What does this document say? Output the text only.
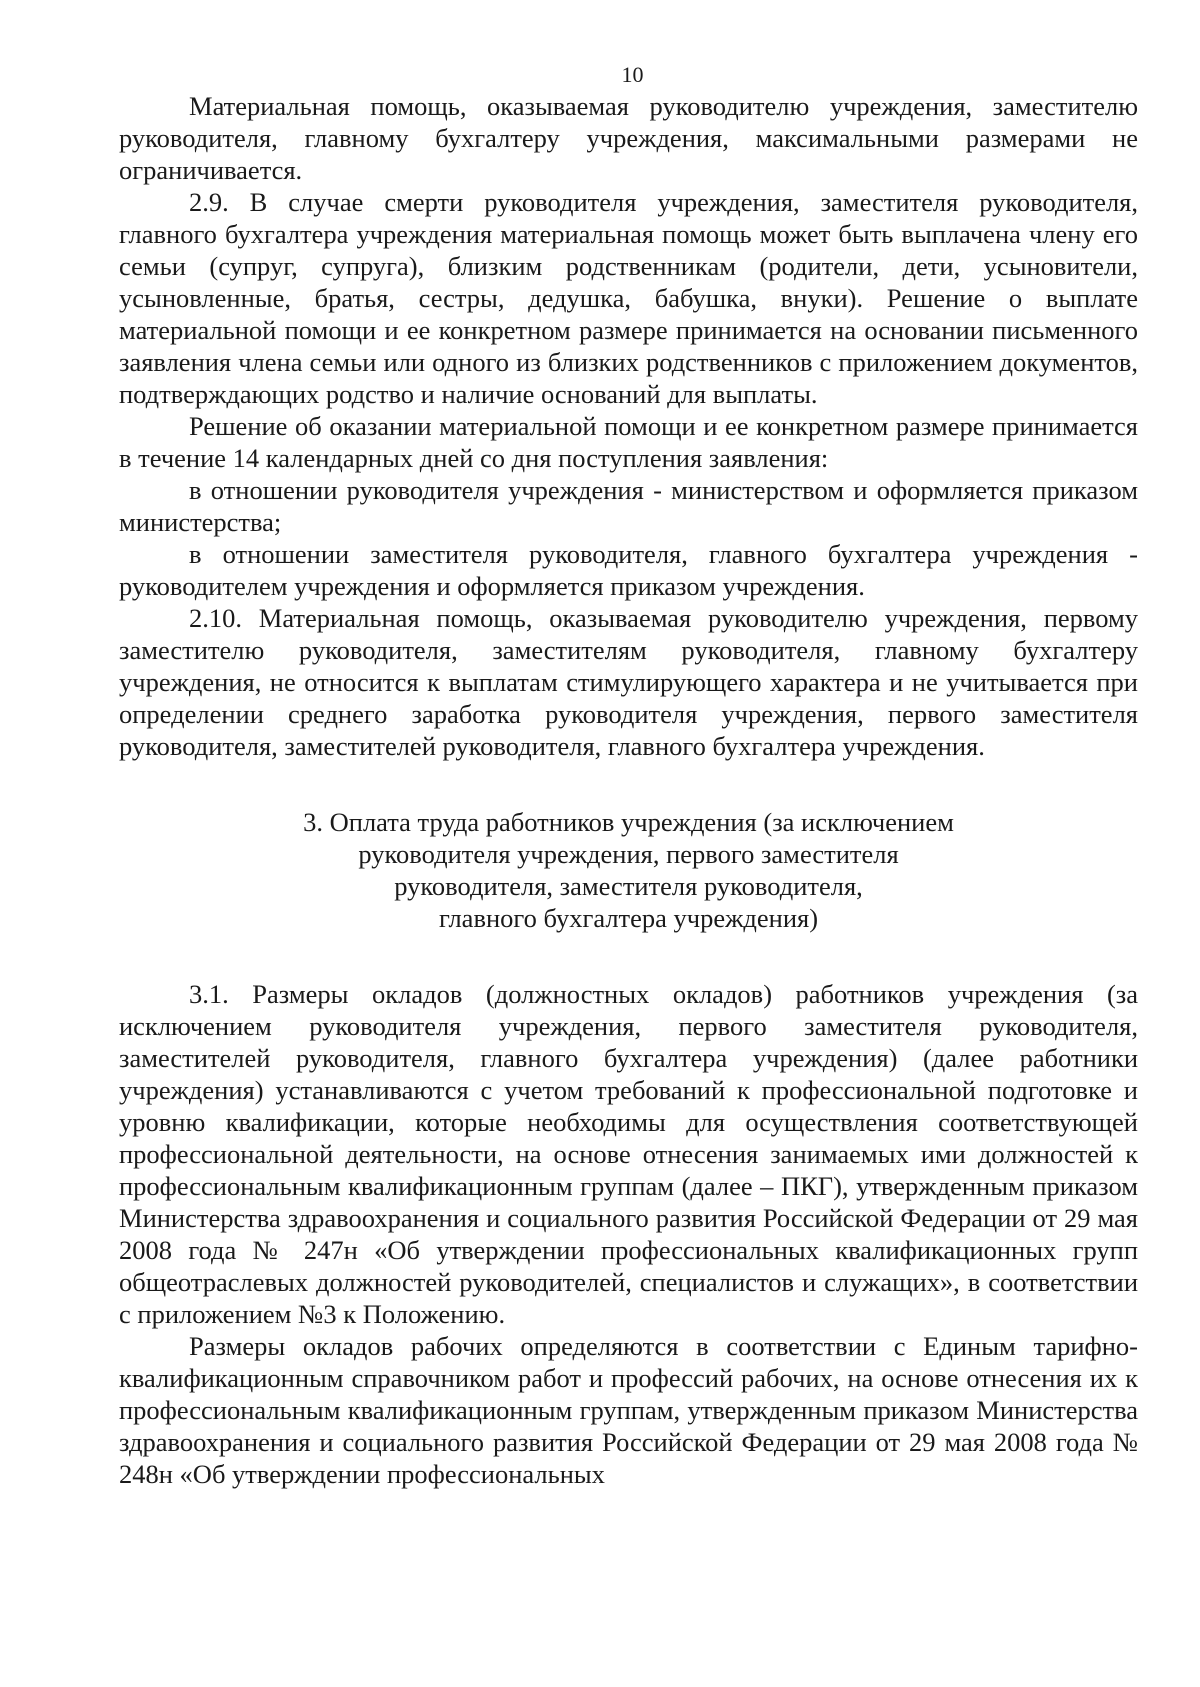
10

Материальная помощь, оказываемая руководителю учреждения, заместителю руководителя, главному бухгалтеру учреждения, максимальными размерами не ограничивается.

2.9. В случае смерти руководителя учреждения, заместителя руководителя, главного бухгалтера учреждения материальная помощь может быть выплачена члену его семьи (супруг, супруга), близким родственникам (родители, дети, усыновители, усыновленные, братья, сестры, дедушка, бабушка, внуки). Решение о выплате материальной помощи и ее конкретном размере принимается на основании письменного заявления члена семьи или одного из близких родственников с приложением документов, подтверждающих родство и наличие оснований для выплаты.

Решение об оказании материальной помощи и ее конкретном размере принимается в течение 14 календарных дней со дня поступления заявления:

в отношении руководителя учреждения - министерством и оформляется приказом министерства;

в отношении заместителя руководителя, главного бухгалтера учреждения - руководителем учреждения и оформляется приказом учреждения.

2.10. Материальная помощь, оказываемая руководителю учреждения, первому заместителю руководителя, заместителям руководителя, главному бухгалтеру учреждения, не относится к выплатам стимулирующего характера и не учитывается при определении среднего заработка руководителя учреждения, первого заместителя руководителя, заместителей руководителя, главного бухгалтера учреждения.

3. Оплата труда работников учреждения (за исключением
руководителя учреждения, первого заместителя
руководителя, заместителя руководителя,
главного бухгалтера учреждения)

3.1. Размеры окладов (должностных окладов) работников учреждения (за исключением руководителя учреждения, первого заместителя руководителя, заместителей руководителя, главного бухгалтера учреждения) (далее работники учреждения) устанавливаются с учетом требований к профессиональной подготовке и уровню квалификации, которые необходимы для осуществления соответствующей профессиональной деятельности, на основе отнесения занимаемых ими должностей к профессиональным квалификационным группам (далее – ПКГ), утвержденным приказом Министерства здравоохранения и социального развития Российской Федерации от 29 мая 2008 года № 247н «Об утверждении профессиональных квалификационных групп общеотраслевых должностей руководителей, специалистов и служащих», в соответствии с приложением №3 к Положению.

Размеры окладов рабочих определяются в соответствии с Единым тарифно-квалификационным справочником работ и профессий рабочих, на основе отнесения их к профессиональным квалификационным группам, утвержденным приказом Министерства здравоохранения и социального развития Российской Федерации от 29 мая 2008 года № 248н «Об утверждении профессиональных
